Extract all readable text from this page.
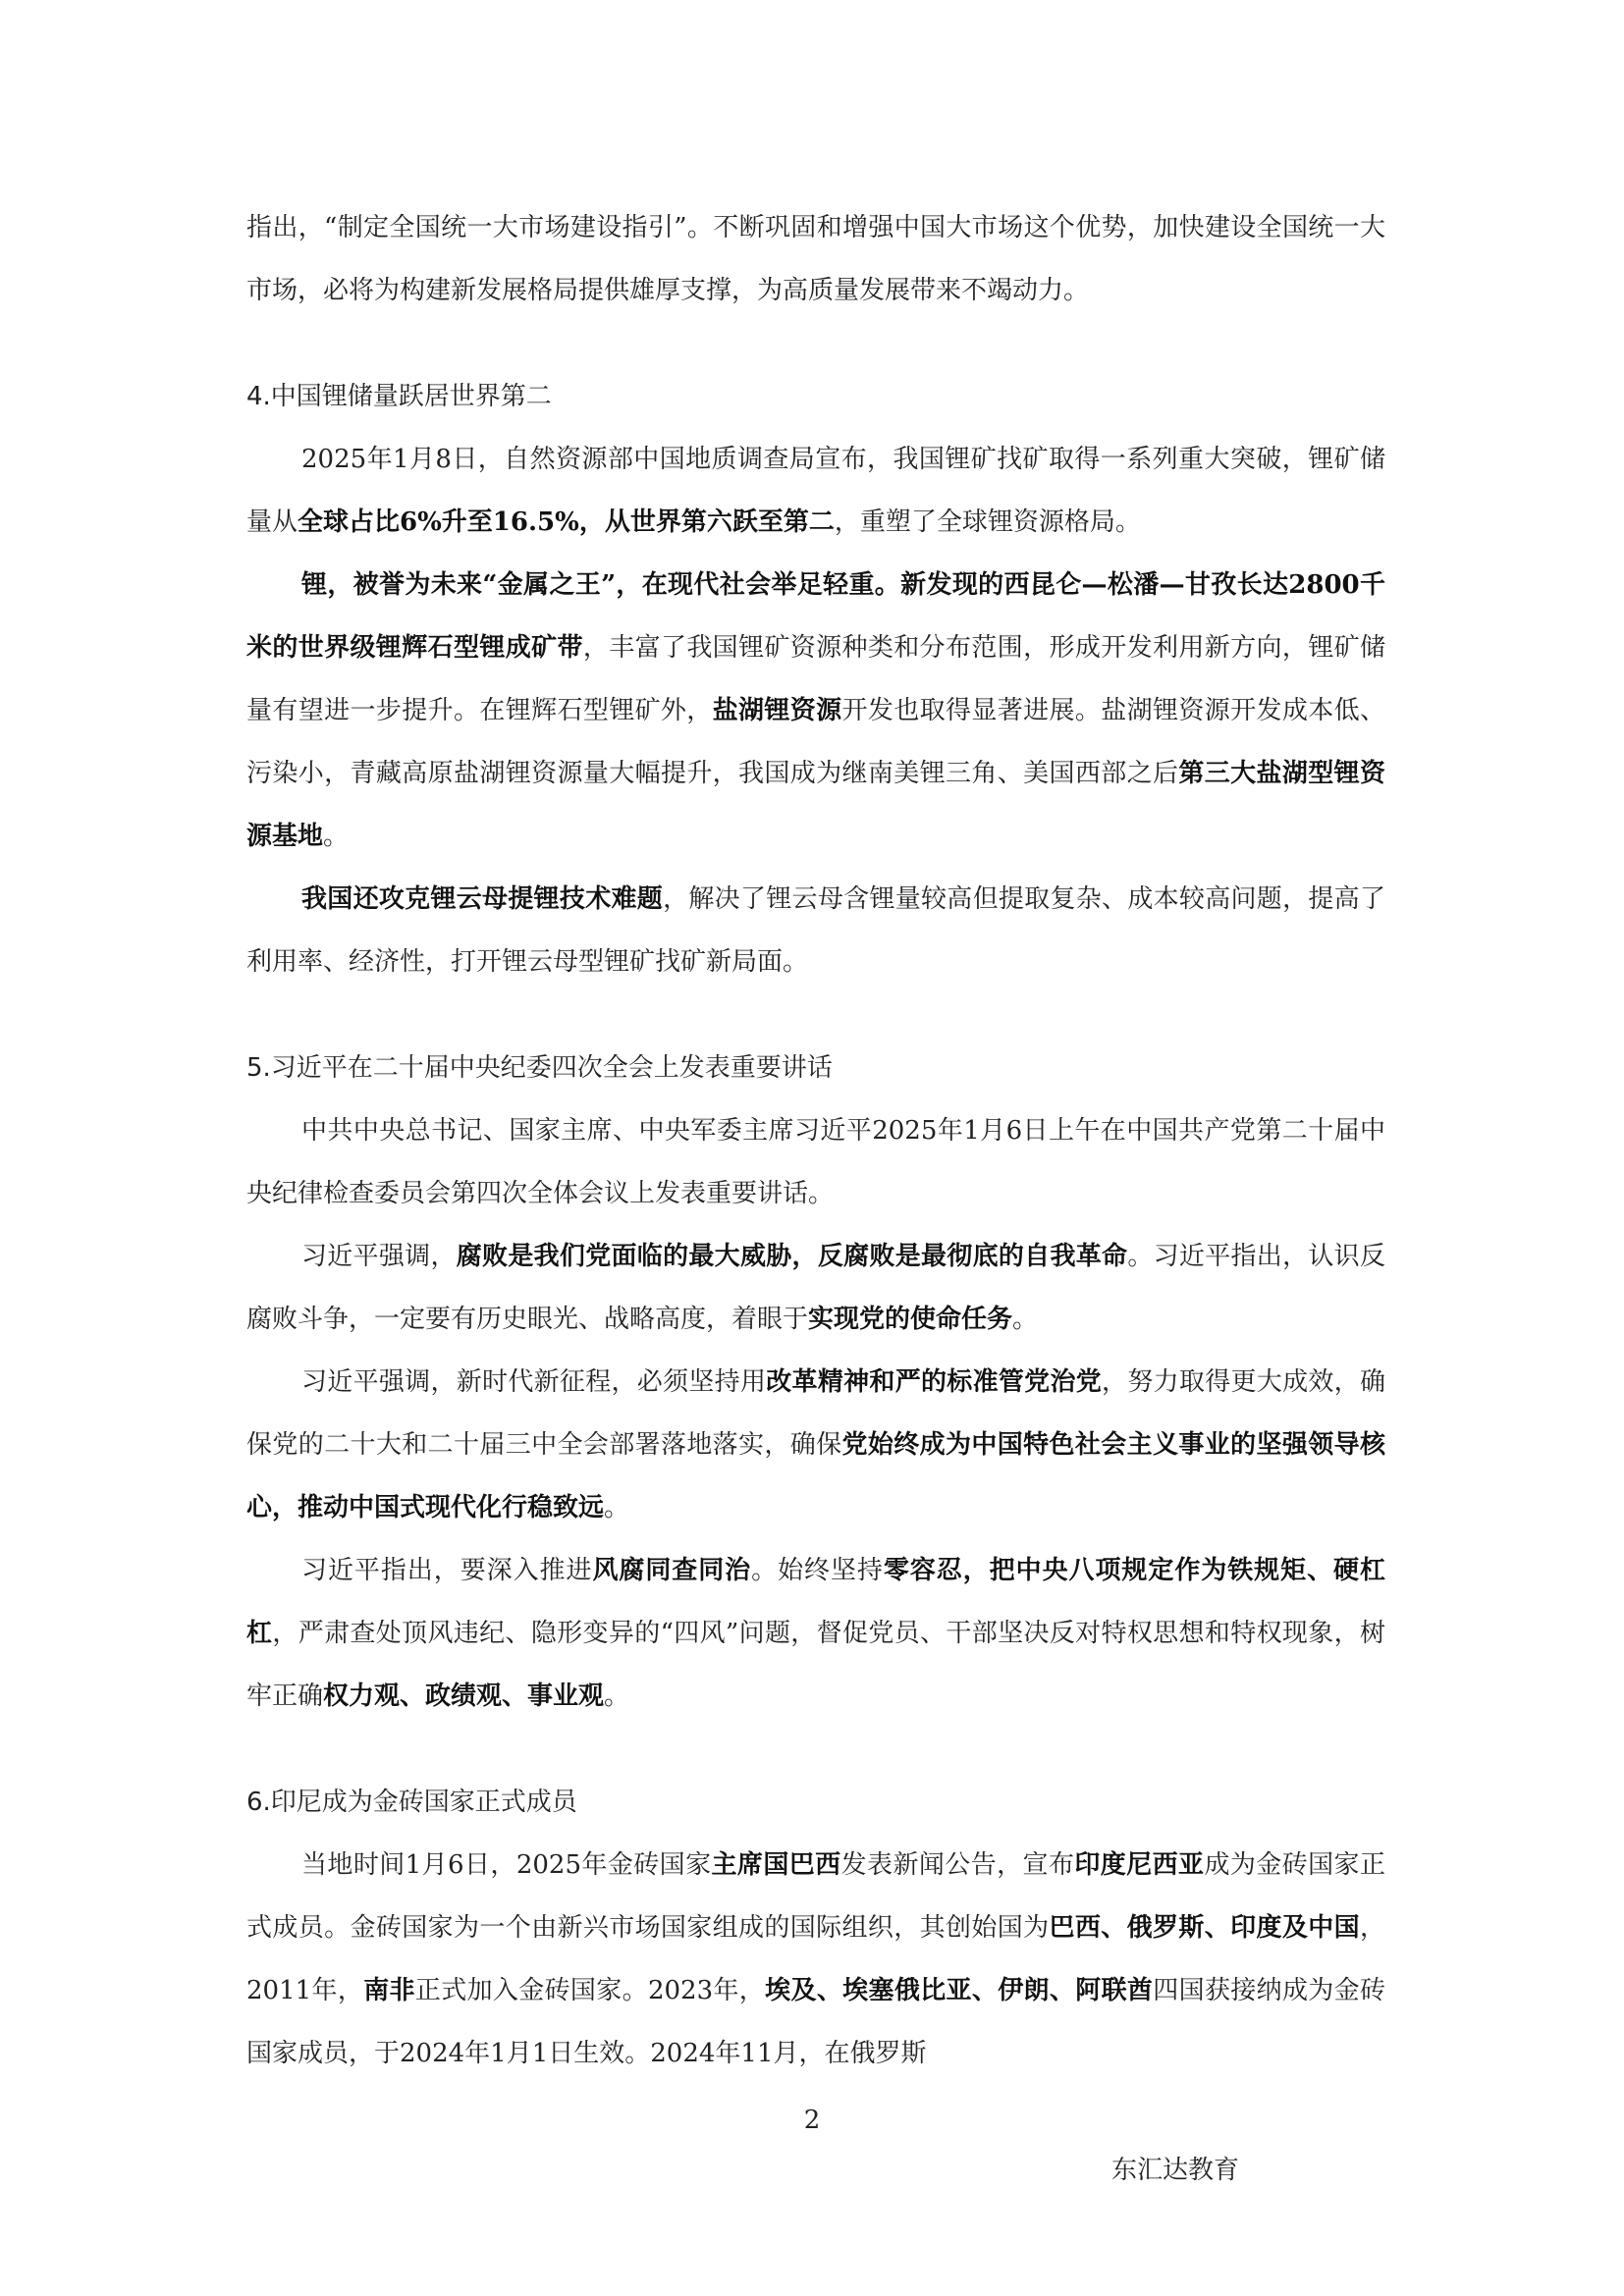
指出，“制定全国统一大市场建设指引”。不断巩固和增强中国大市场这个优势，加快建设全国统一大市场，必将为构建新发展格局提供雄厚支撑，为高质量发展带来不竭动力。

4.中国锂储量跃居世界第二

2025年1月8日，自然资源部中国地质调查局宣布，我国锂矿找矿取得一系列重大突破，锂矿储量从全球占比6%升至16.5%，从世界第六跃至第二，重塑了全球锂资源格局。

锂，被誉为未来“金属之王”，在现代社会举足轻重。新发现的西昆仑—松潘—甘孜长达2800千米的世界级锂辉石型锂成矿带，丰富了我国锂矿资源种类和分布范围，形成开发利用新方向，锂矿储量有望进一步提升。在锂辉石型锂矿外，盐湖锂资源开发也取得显著进展。盐湖锂资源开发成本低、污染小，青藏高原盐湖锂资源量大幅提升，我国成为继南美锂三角、美国西部之后第三大盐湖型锂资源基地。

我国还攻克锂云母提锂技术难题，解决了锂云母含锂量较高但提取复杂、成本较高问题，提高了利用率、经济性，打开锂云母型锂矿找矿新局面。

5.习近平在二十届中央纪委四次全会上发表重要讲话

中共中央总书记、国家主席、中央军委主席习近平2025年1月6日上午在中国共产党第二十届中央纪律检查委员会第四次全体会议上发表重要讲话。

习近平强调，腐败是我们党面临的最大威胁，反腐败是最彻底的自我革命。习近平指出，认识反腐败斗争，一定要有历史眼光、战略高度，着眼于实现党的使命任务。

习近平强调，新时代新征程，必须坚持用改革精神和严的标准管党治党，努力取得更大成效，确保党的二十大和二十届三中全会部署落地落实，确保党始终成为中国特色社会主义事业的坚强领导核心，推动中国式现代化行稳致远。

习近平指出，要深入推进风腐同查同治。始终坚持零容忍，把中央八项规定作为铁规矩、硬杠杠，严肃查处顶风违纪、隐形变异的“四风”问题，督促党员、干部坚决反对特权思想和特权现象，树牢正确权力观、政绩观、事业观。

6.印尼成为金砖国家正式成员

当地时间1月6日，2025年金砖国家主席国巴西发表新闻公告，宣布印度尼西亚成为金砖国家正式成员。金砖国家为一个由新兴市场国家组成的国际组织，其创始国为巴西、俄罗斯、印度及中国，2011年，南非正式加入金砖国家。2023年，埃及、埃塞俄比亚、伊朗、阿联酋四国获接纳成为金砖国家成员，于2024年1月1日生效。2024年11月，在俄罗斯

2
东汇达教育
